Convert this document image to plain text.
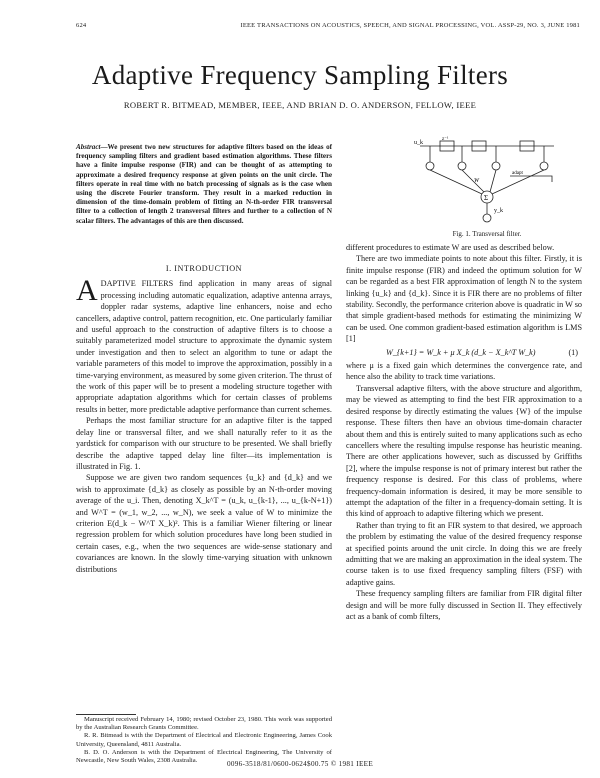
624	IEEE TRANSACTIONS ON ACOUSTICS, SPEECH, AND SIGNAL PROCESSING, VOL. ASSP-29, NO. 3, JUNE 1981
Adaptive Frequency Sampling Filters
ROBERT R. BITMEAD, MEMBER, IEEE, AND BRIAN D. O. ANDERSON, FELLOW, IEEE
Abstract—We present two new structures for adaptive filters based on the ideas of frequency sampling filters and gradient based estimation algorithms. These filters have a finite impulse response (FIR) and can be thought of as attempting to approximate a desired frequency response at given points on the unit circle. The filters operate in real time with no batch processing of signals as is the case when using the discrete Fourier transform. They result in a marked reduction in dimension of the time-domain problem of fitting an N-th-order FIR transversal filter to a collection of length 2 transversal filters and further to a collection of N scalar filters. The advantages of this are then discussed.
u_k
z⁻¹
Σ
y_k
adapt
W
Fig. 1. Transversal filter.
I. INTRODUCTION

ADAPTIVE FILTERS find application in many areas of signal processing including automatic equalization, adaptive antenna arrays, doppler radar systems, adaptive line enhancers, noise and echo cancellers, adaptive control, pattern recognition, etc. One particularly familiar and useful approach to the construction of adaptive filters is to choose a suitably parameterized model structure to approximate the dynamic system under investigation and then to select an algorithm to tune or adapt the variable parameters of this model to improve the approximation, possibly in a time-varying environment, as measured by some given criterion. The thrust of the work of this paper will be to present a modeling structure together with appropriate adaptation algorithms which for certain classes of problems results in better, more predictable adaptive performance than current schemes.

Perhaps the most familiar structure for an adaptive filter is the tapped delay line or transversal filter, and we shall naturally refer to it as the yardstick for comparison with our structure to be presented. We shall briefly describe the adaptive tapped delay line filter—its implementation is illustrated in Fig. 1.

Suppose we are given two random sequences {u_k} and {d_k} and we wish to approximate {d_k} as closely as possible by an N-th-order moving average of the u_i. Then, denoting X_k^T = (u_k, u_{k-1}, ..., u_{k-N+1}) and W^T = (w_1, w_2, ..., w_N), we seek a value of W to minimize the criterion E(d_k − W^T X_k)². This is a familiar Wiener filtering or linear regression problem for which solution procedures have long been studied in certain cases, e.g., when the two sequences are wide-sense stationary and covariances are known. In the slowly time-varying situation with unknown distributions

different procedures to estimate W are used as described below.

There are two immediate points to note about this filter. Firstly, it is finite impulse response (FIR) and indeed the optimum solution for W can be regarded as a best FIR approximation of length N to the system linking {u_k} and {d_k}. Since it is FIR there are no problems of filter stability. Secondly, the performance criterion above is quadratic in W so that simple gradient-based methods for estimating the minimizing W can be used. One common gradient-based estimation algorithm is LMS [1]

W_{k+1} = W_k + μ X_k (d_k − X_k^T W_k)	(1)

where μ is a fixed gain which determines the convergence rate, and hence also the ability to track time variations.

Transversal adaptive filters, with the above structure and algorithm, may be viewed as attempting to find the best FIR approximation to a desired response by directly estimating the values {W} of the impulse response. These filters then have an obvious time-domain character about them and this is entirely suited to many applications such as echo cancellers where the resulting impulse response has heuristic meaning. There are other applications however, such as discussed by Griffiths [2], where the impulse response is not of primary interest but rather the frequency response is desired. For this class of problems, where frequency-domain information is desired, it may be more sensible to attempt the adaptation of the filter in a frequency-domain setting. It is this kind of approach to adaptive filtering which we present.

Rather than trying to fit an FIR system to that desired, we approach the problem by estimating the value of the desired frequency response at specified points around the unit circle. In doing this we are freely admitting that we are making an approximation in the ideal system. The course taken is to use fixed frequency sampling filters (FSF) with adaptive gains.

These frequency sampling filters are familiar from FIR digital filter design and will be more fully discussed in Section II. They effectively act as a bank of comb filters,

Manuscript received February 14, 1980; revised October 23, 1980. This work was supported by the Australian Research Grants Committee.

R. R. Bitmead is with the Department of Electrical and Electronic Engineering, James Cook University, Queensland, 4811 Australia.

B. D. O. Anderson is with the Department of Electrical Engineering, The University of Newcastle, New South Wales, 2308 Australia.	0096-3518/81/0600-0624$00.75 © 1981 IEEE
